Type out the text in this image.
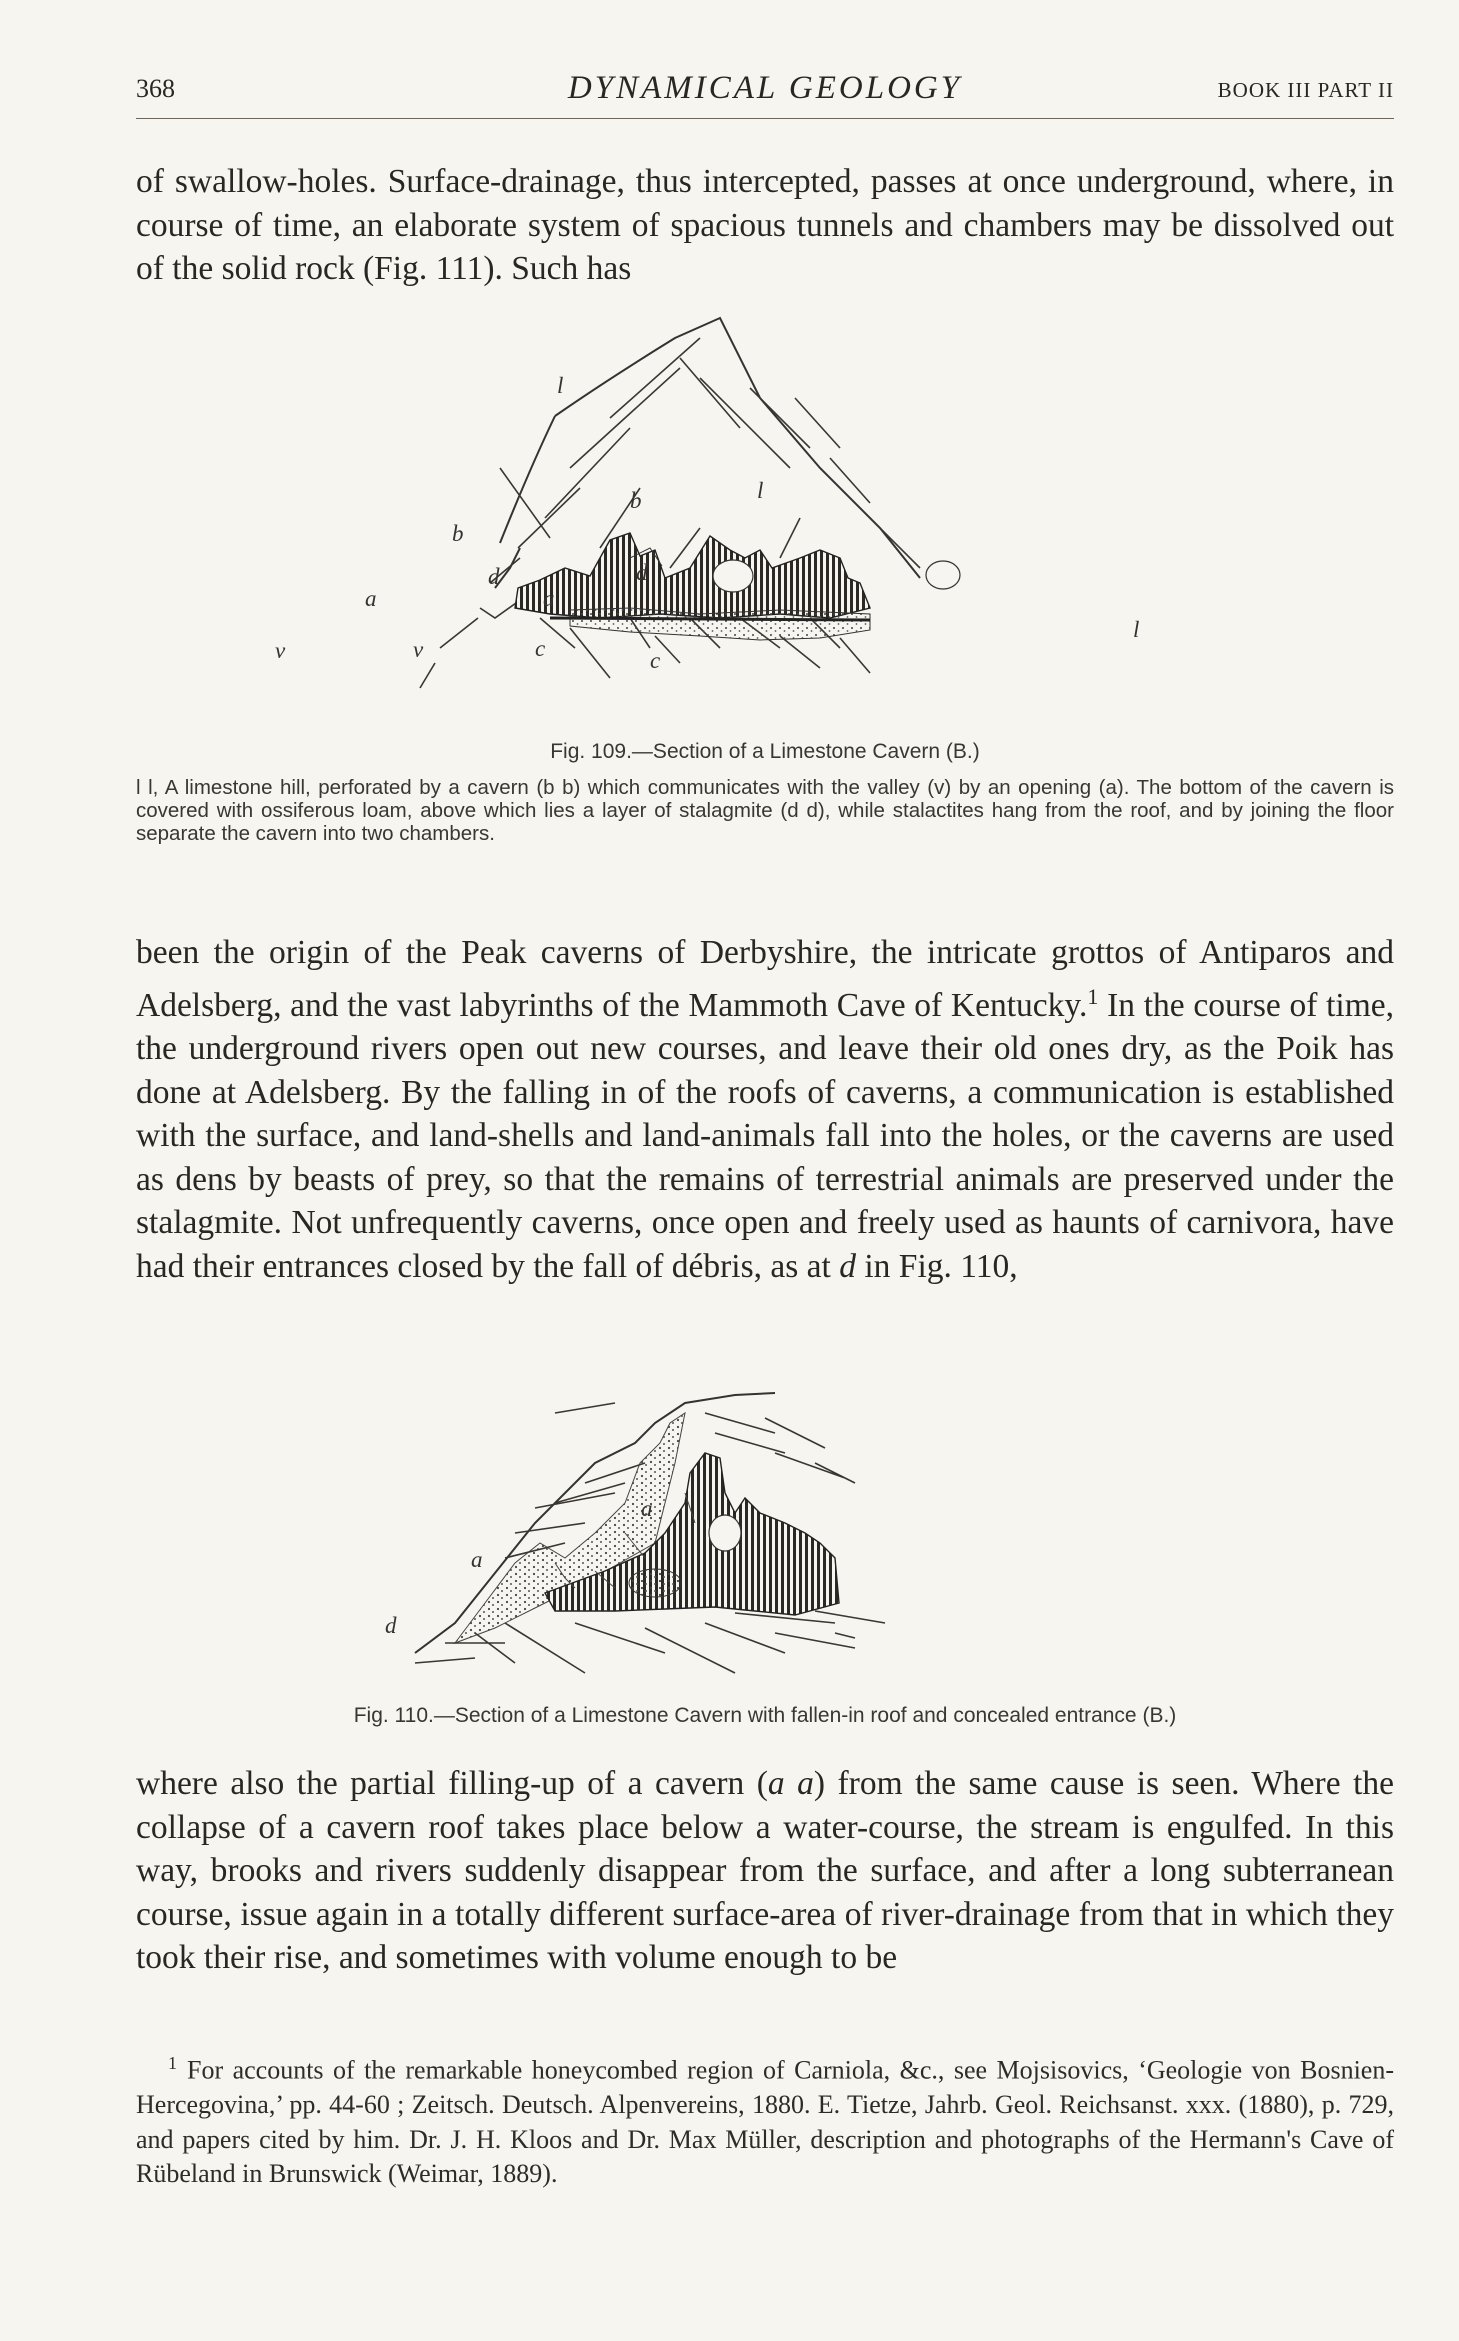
368	DYNAMICAL GEOLOGY	BOOK III PART II

of swallow-holes. Surface-drainage, thus intercepted, passes at once underground, where, in course of time, an elaborate system of spacious tunnels and chambers may be dissolved out of the solid rock (Fig. 111). Such has

l
l
b
b
d	d
a
v	c	c
v
l
a

Fig. 109.—Section of a Limestone Cavern (B.)

l l, A limestone hill, perforated by a cavern (b b) which communicates with the valley (v) by an opening (a). The bottom of the cavern is covered with ossiferous loam, above which lies a layer of stalagmite (d d), while stalactites hang from the roof, and by joining the floor separate the cavern into two chambers.

been the origin of the Peak caverns of Derbyshire, the intricate grottos of Antiparos and Adelsberg, and the vast labyrinths of the Mammoth Cave of Kentucky.$^1$ In the course of time, the underground rivers open out new courses, and leave their old ones dry, as the Poik has done at Adelsberg. By the falling in of the roofs of caverns, a communication is established with the surface, and land-shells and land-animals fall into the holes, or the caverns are used as dens by beasts of prey, so that the remains of terrestrial animals are preserved under the stalagmite. Not unfrequently caverns, once open and freely used as haunts of carnivora, have had their entrances closed by the fall of débris, as at d in Fig. 110,

a
a
d

Fig. 110.—Section of a Limestone Cavern with fallen-in roof and concealed entrance (B.)

where also the partial filling-up of a cavern (a a) from the same cause is seen. Where the collapse of a cavern roof takes place below a water-course, the stream is engulfed. In this way, brooks and rivers suddenly disappear from the surface, and after a long subterranean course, issue again in a totally different surface-area of river-drainage from that in which they took their rise, and sometimes with volume enough to be

$^1$ For accounts of the remarkable honeycombed region of Carniola, &c., see Mojsisovics, ‘Geologie von Bosnien-Hercegovina,’ pp. 44-60 ; Zeitsch. Deutsch. Alpenvereins, 1880. E. Tietze, Jahrb. Geol. Reichsanst. xxx. (1880), p. 729, and papers cited by him. Dr. J. H. Kloos and Dr. Max Müller, description and photographs of the Hermann's Cave of Rübeland in Brunswick (Weimar, 1889).
